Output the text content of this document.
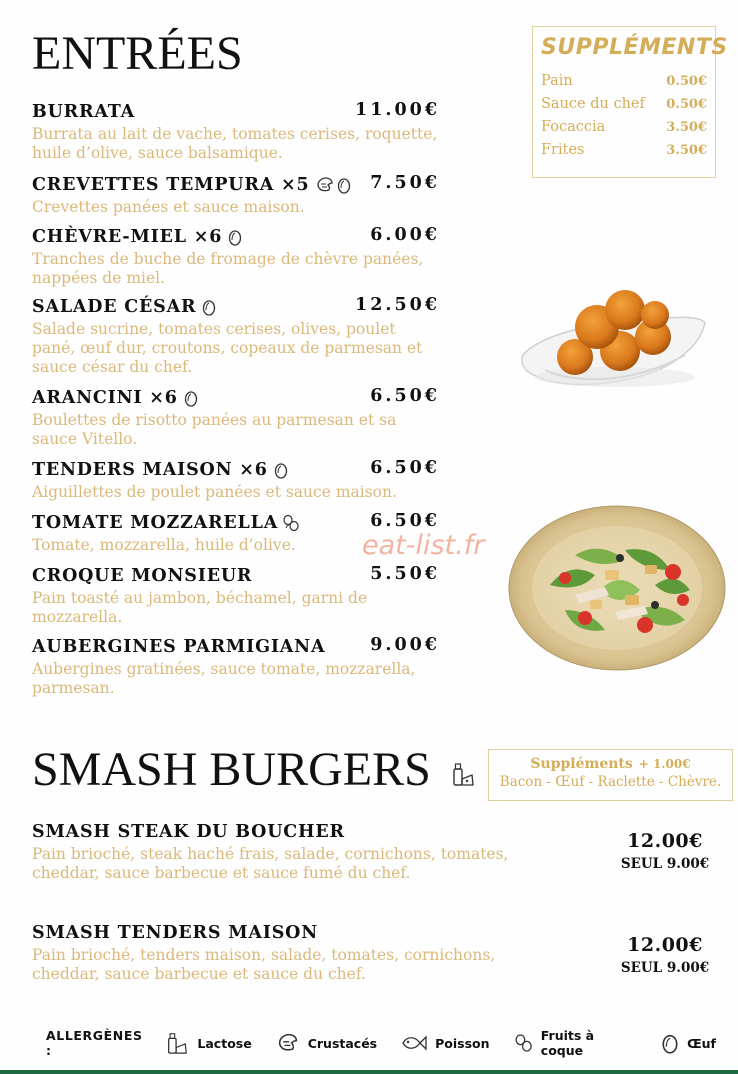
ENTRÉES
BURRATA	11.00€
Burrata au lait de vache, tomates cerises, roquette, huile d’olive, sauce balsamique.
CREVETTES TEMPURA ×5	7.50€
Crevettes panées et sauce maison.
CHÈVRE-MIEL ×6	6.00€
Tranches de buche de fromage de chèvre panées, nappées de miel.
SALADE CÉSAR	12.50€
Salade sucrine, tomates cerises, olives, poulet pané, œuf dur, croutons, copeaux de parmesan et sauce césar du chef.
ARANCINI ×6	6.50€
Boulettes de risotto panées au parmesan et sa sauce Vitello.
TENDERS MAISON ×6	6.50€
Aiguillettes de poulet panées et sauce maison.
TOMATE MOZZARELLA	6.50€
Tomate, mozzarella, huile d’olive.
CROQUE MONSIEUR	5.50€
Pain toasté au jambon, béchamel, garni de mozzarella.
AUBERGINES PARMIGIANA	9.00€
Aubergines gratinées, sauce tomate, mozzarella, parmesan.
SUPPLÉMENTS
Pain	0.50€
Sauce du chef 0.50€
Focaccia	3.50€
Frites	3.50€
eat-list.fr
SMASH BURGERS	Suppléments + 1.00€
Bacon - Œuf - Raclette - Chèvre.
SMASH STEAK DU BOUCHER
Pain brioché, steak haché frais, salade, cornichons, tomates, cheddar, sauce barbecue et sauce fumé du chef.
12.00€
SEUL 9.00€
SMASH TENDERS MAISON
Pain brioché, tenders maison, salade, tomates, cornichons, cheddar, sauce barbecue et sauce du chef.
12.00€
SEUL 9.00€
ALLERGÈNES :	Lactose	Crustacés	Poisson	Fruits à coque	Œuf
